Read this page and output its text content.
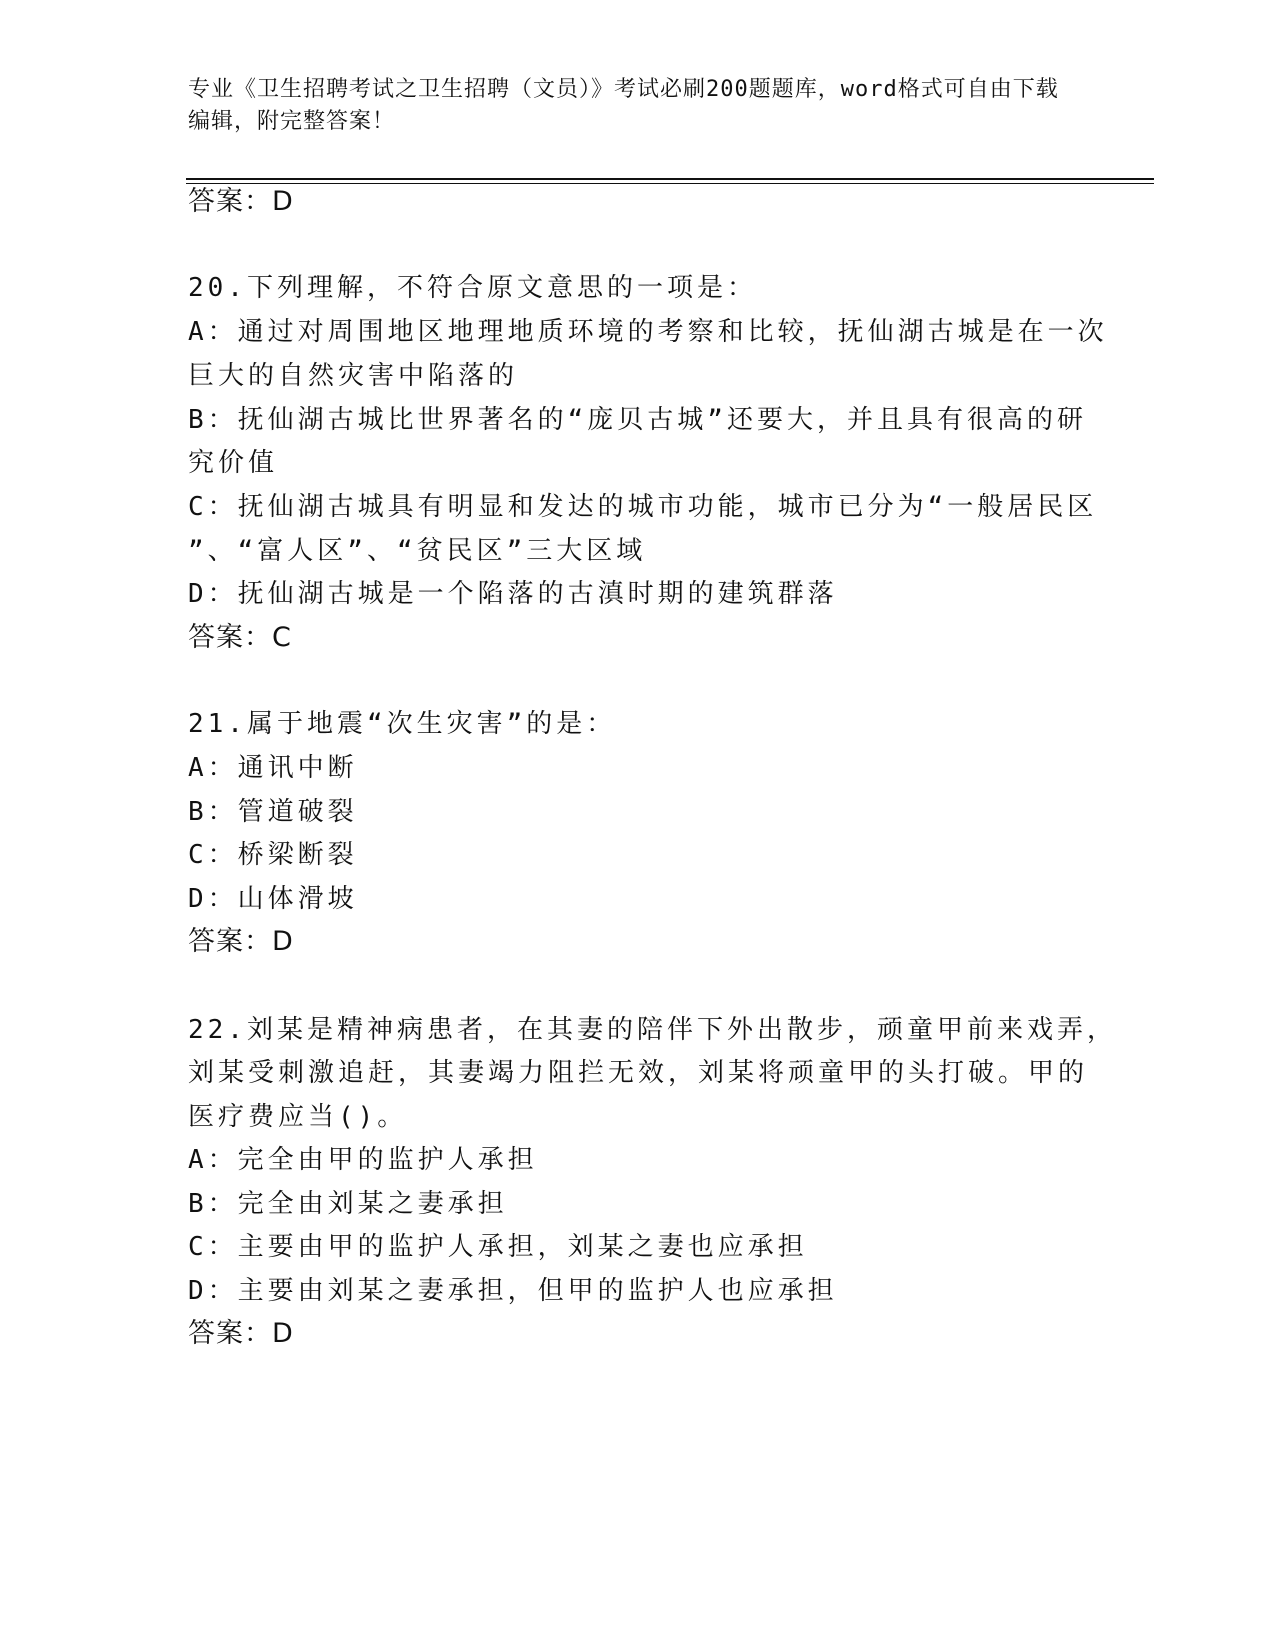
专业《卫生招聘考试之卫生招聘（文员）》考试必刷200题题库，word格式可自由下载编辑，附完整答案！
答案：D
20.下列理解，不符合原文意思的一项是：
A：通过对周围地区地理地质环境的考察和比较，抚仙湖古城是在一次
巨大的自然灾害中陷落的
B：抚仙湖古城比世界著名的“庞贝古城”还要大，并且具有很高的研
究价值
C：抚仙湖古城具有明显和发达的城市功能，城市已分为“一般居民区
”、“富人区”、“贫民区”三大区域
D：抚仙湖古城是一个陷落的古滇时期的建筑群落
答案：C
21.属于地震“次生灾害”的是：
A：通讯中断
B：管道破裂
C：桥梁断裂
D：山体滑坡
答案：D
22.刘某是精神病患者，在其妻的陪伴下外出散步，顽童甲前来戏弄，
刘某受刺激追赶，其妻竭力阻拦无效，刘某将顽童甲的头打破。甲的
医疗费应当()。
A：完全由甲的监护人承担
B：完全由刘某之妻承担
C：主要由甲的监护人承担，刘某之妻也应承担
D：主要由刘某之妻承担，但甲的监护人也应承担
答案：D
